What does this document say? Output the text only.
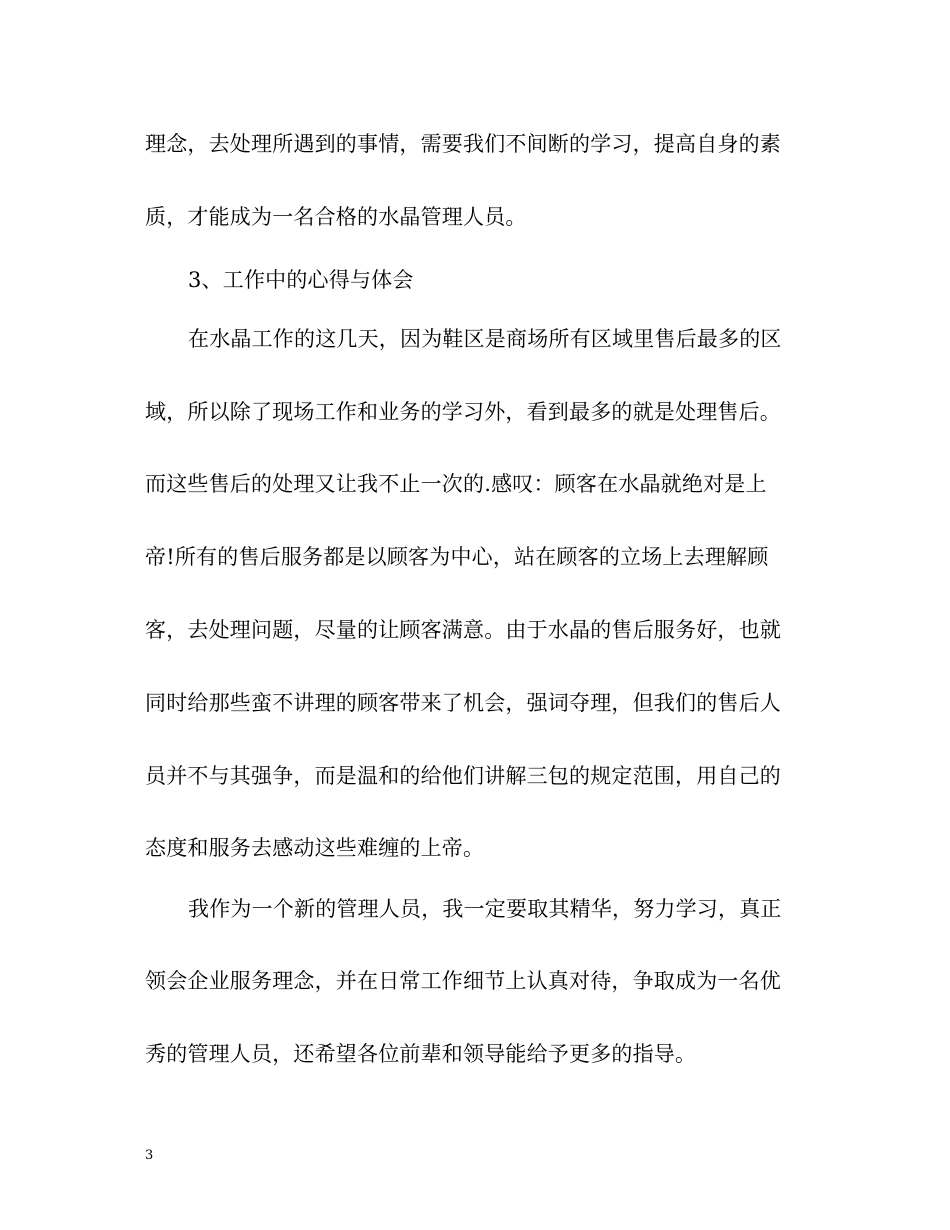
理念，去处理所遇到的事情，需要我们不间断的学习，提高自身的素
质，才能成为一名合格的水晶管理人员。
3、工作中的心得与体会
在水晶工作的这几天，因为鞋区是商场所有区域里售后最多的区
域，所以除了现场工作和业务的学习外，看到最多的就是处理售后。
而这些售后的处理又让我不止一次的.感叹：顾客在水晶就绝对是上
帝!所有的售后服务都是以顾客为中心，站在顾客的立场上去理解顾
客，去处理问题，尽量的让顾客满意。由于水晶的售后服务好，也就
同时给那些蛮不讲理的顾客带来了机会，强词夺理，但我们的售后人
员并不与其强争，而是温和的给他们讲解三包的规定范围，用自己的
态度和服务去感动这些难缠的上帝。
我作为一个新的管理人员，我一定要取其精华，努力学习，真正
领会企业服务理念，并在日常工作细节上认真对待，争取成为一名优
秀的管理人员，还希望各位前辈和领导能给予更多的指导。
3
